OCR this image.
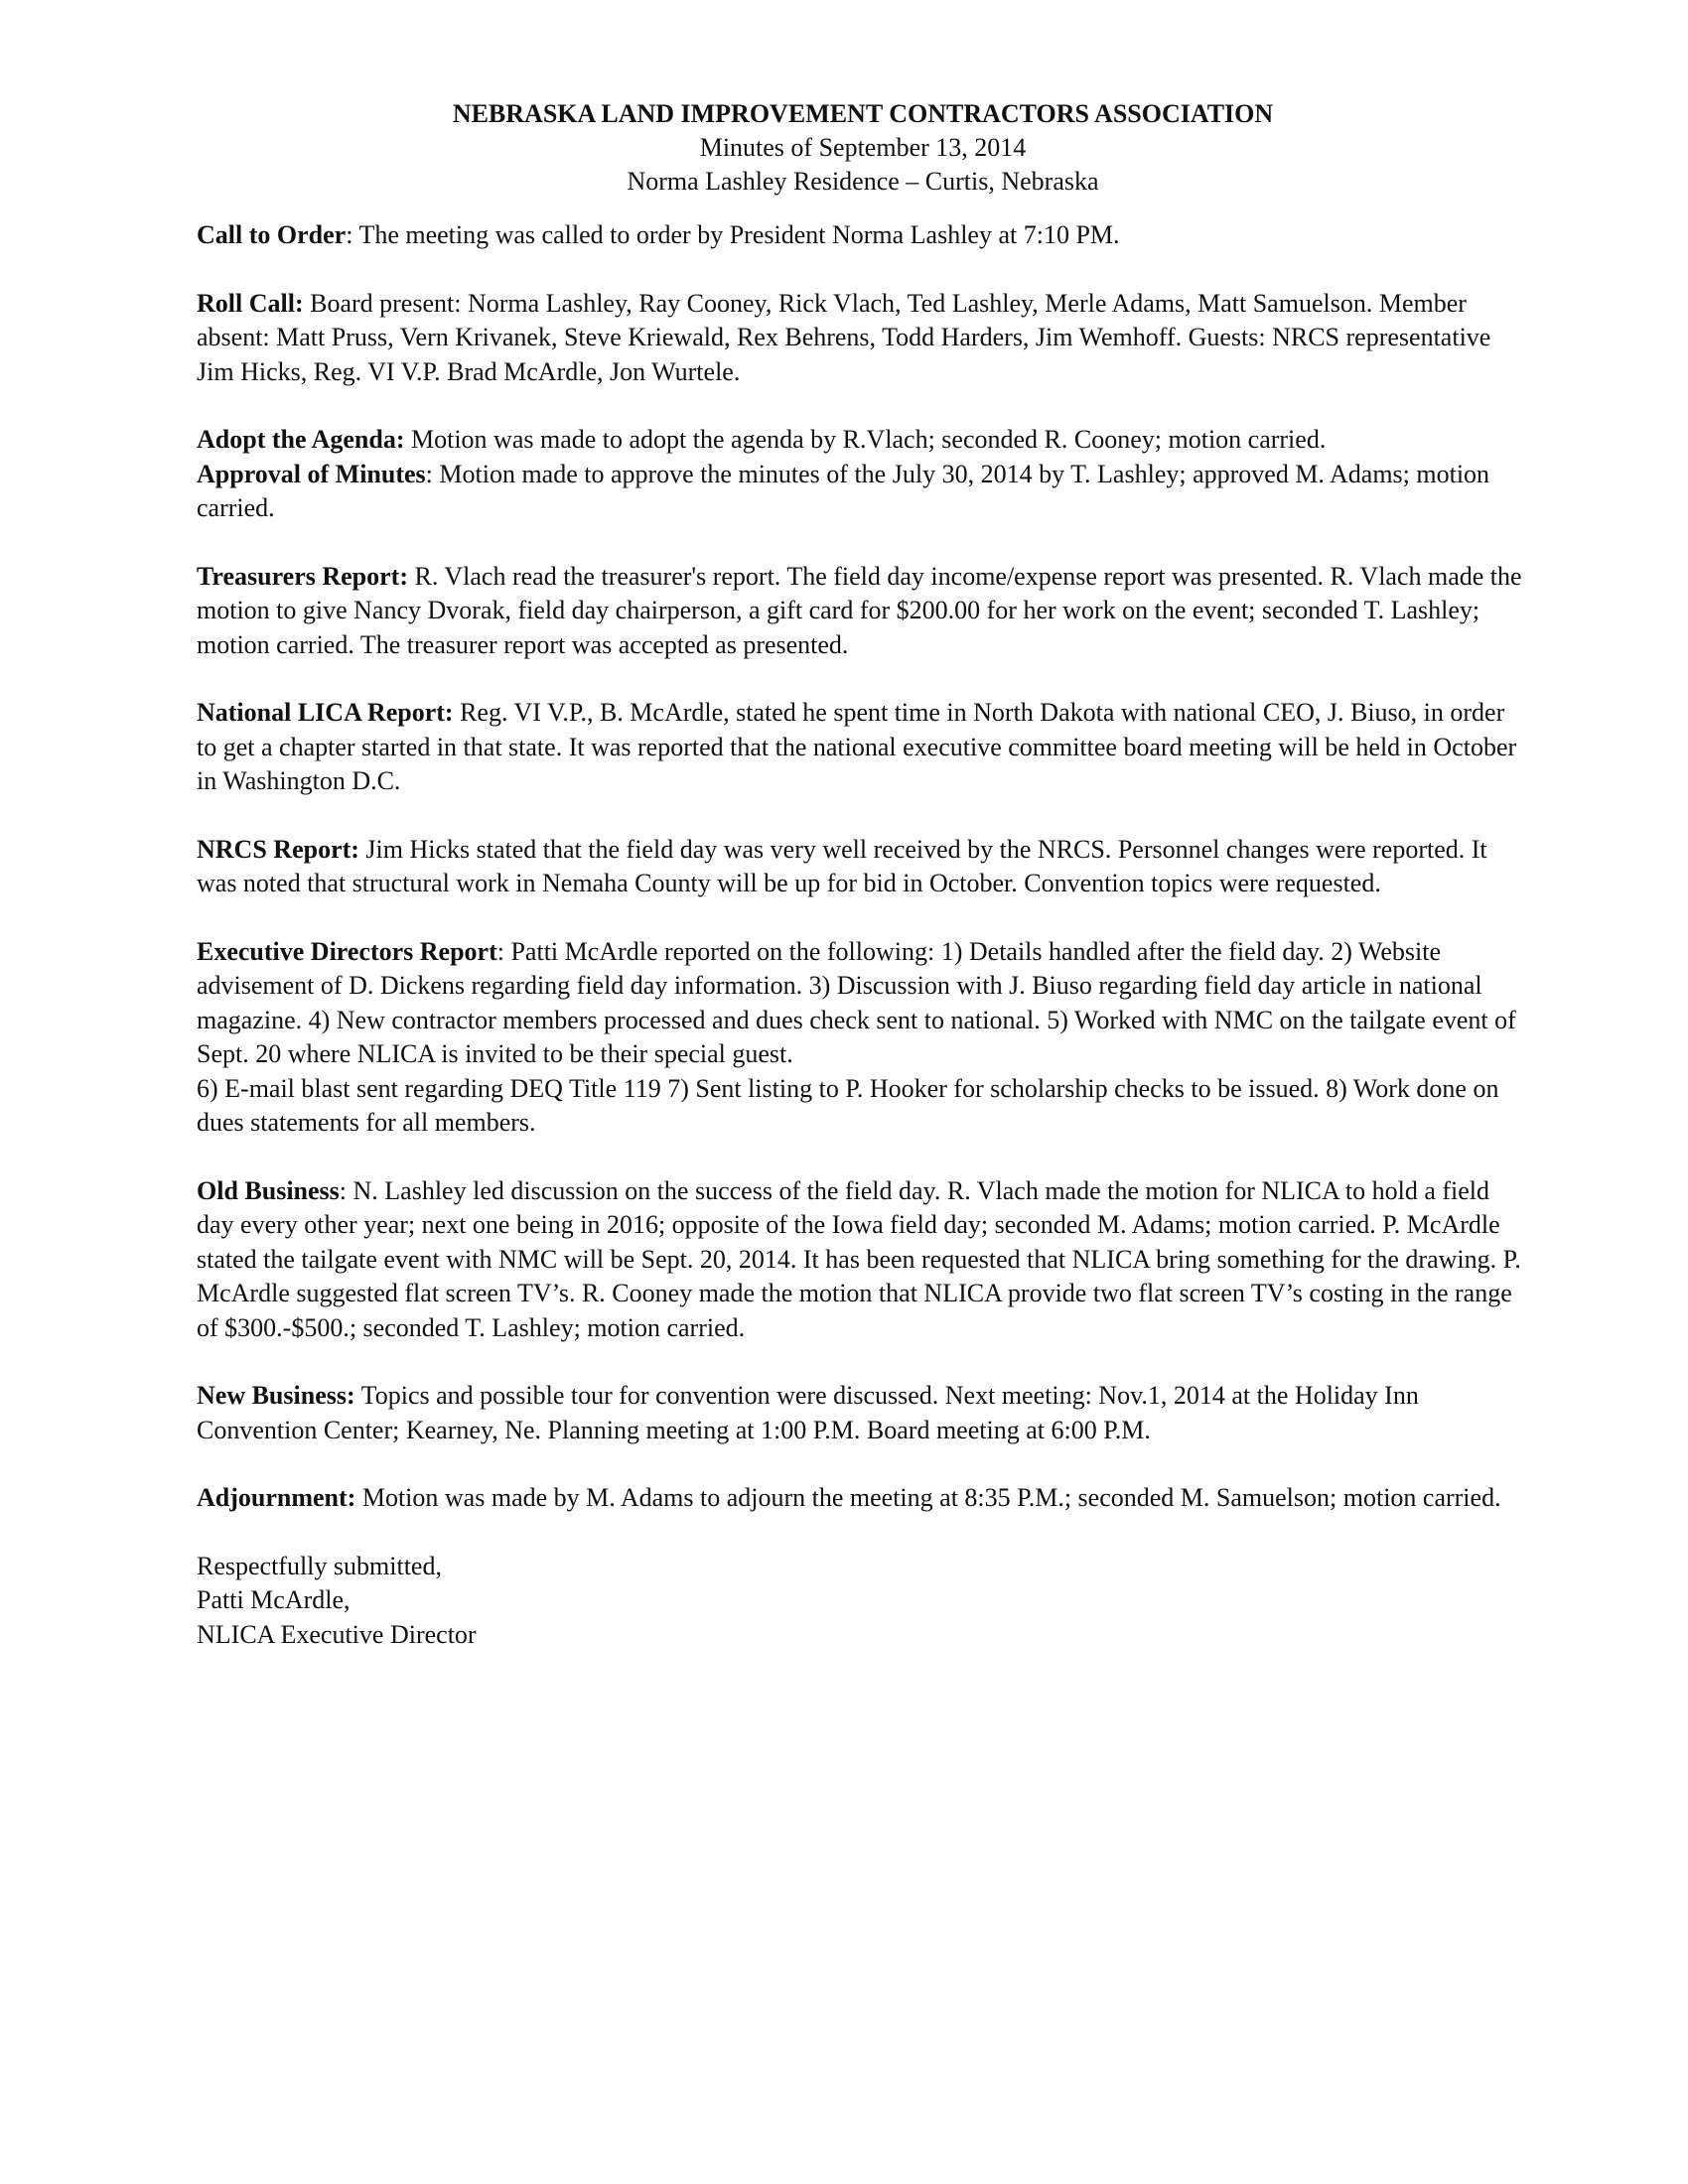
NEBRASKA LAND IMPROVEMENT CONTRACTORS ASSOCIATION
Minutes of September 13, 2014
Norma Lashley Residence – Curtis, Nebraska

Call to Order: The meeting was called to order by President Norma Lashley at 7:10 PM.

Roll Call: Board present: Norma Lashley, Ray Cooney, Rick Vlach, Ted Lashley, Merle Adams, Matt Samuelson. Member absent: Matt Pruss, Vern Krivanek, Steve Kriewald, Rex Behrens, Todd Harders, Jim Wemhoff. Guests: NRCS representative Jim Hicks, Reg. VI V.P. Brad McArdle, Jon Wurtele.

Adopt the Agenda: Motion was made to adopt the agenda by R.Vlach; seconded R. Cooney; motion carried.

Approval of Minutes: Motion made to approve the minutes of the July 30, 2014 by T. Lashley; approved M. Adams; motion carried.

Treasurers Report: R. Vlach read the treasurer's report. The field day income/expense report was presented. R. Vlach made the motion to give Nancy Dvorak, field day chairperson, a gift card for $200.00 for her work on the event; seconded T. Lashley; motion carried. The treasurer report was accepted as presented.

National LICA Report: Reg. VI V.P., B. McArdle, stated he spent time in North Dakota with national CEO, J. Biuso, in order to get a chapter started in that state. It was reported that the national executive committee board meeting will be held in October in Washington D.C.

NRCS Report: Jim Hicks stated that the field day was very well received by the NRCS. Personnel changes were reported. It was noted that structural work in Nemaha County will be up for bid in October. Convention topics were requested.

Executive Directors Report: Patti McArdle reported on the following: 1) Details handled after the field day. 2) Website advisement of D. Dickens regarding field day information. 3) Discussion with J. Biuso regarding field day article in national magazine. 4) New contractor members processed and dues check sent to national. 5) Worked with NMC on the tailgate event of Sept. 20 where NLICA is invited to be their special guest.

6) E-mail blast sent regarding DEQ Title 119 7) Sent listing to P. Hooker for scholarship checks to be issued. 8) Work done on dues statements for all members.

Old Business: N. Lashley led discussion on the success of the field day. R. Vlach made the motion for NLICA to hold a field day every other year; next one being in 2016; opposite of the Iowa field day; seconded M. Adams; motion carried. P. McArdle stated the tailgate event with NMC will be Sept. 20, 2014. It has been requested that NLICA bring something for the drawing. P. McArdle suggested flat screen TV’s. R. Cooney made the motion that NLICA provide two flat screen TV’s costing in the range of $300.-$500.; seconded T. Lashley; motion carried.

New Business: Topics and possible tour for convention were discussed. Next meeting: Nov.1, 2014 at the Holiday Inn Convention Center; Kearney, Ne. Planning meeting at 1:00 P.M. Board meeting at 6:00 P.M.

Adjournment: Motion was made by M. Adams to adjourn the meeting at 8:35 P.M.; seconded M. Samuelson; motion carried.

Respectfully submitted,
Patti McArdle,
NLICA Executive Director
